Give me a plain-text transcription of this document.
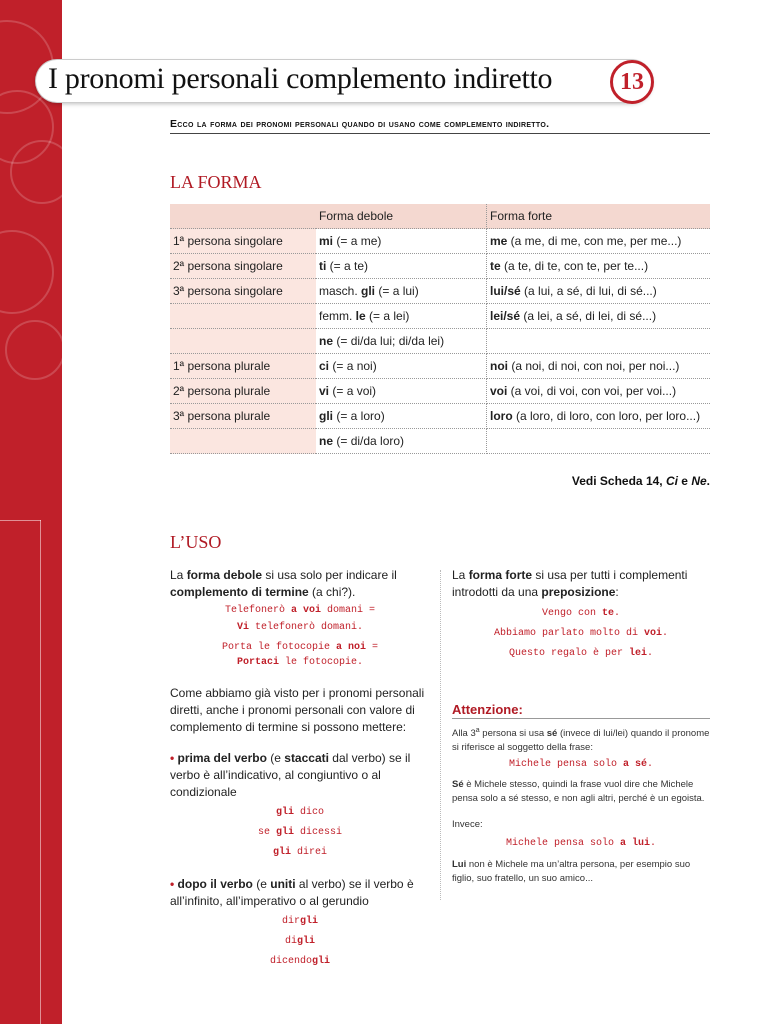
I pronomi personali complemento indiretto	13
Ecco la forma dei pronomi personali quando di usano come complemento indiretto.
LA FORMA
	Forma debole	Forma forte
1ª persona singolare	mi (= a me)	me (a me, di me, con me, per me...)
2ª persona singolare	ti (= a te)	te (a te, di te, con te, per te...)
3ª persona singolare	masch. gli (= a lui)	lui/sé (a lui, a sé, di lui, di sé...)
	femm. le (= a lei)	lei/sé (a lei, a sé, di lei, di sé...)
	ne (= di/da lui; di/da lei)	
1ª persona plurale	ci (= a noi)	noi (a noi, di noi, con noi, per noi...)
2ª persona plurale	vi (= a voi)	voi (a voi, di voi, con voi, per voi...)
3ª persona plurale	gli (= a loro)	loro (a loro, di loro, con loro, per loro...)
	ne (= di/da loro)	
Vedi Scheda 14, Ci e Ne.
L’USO
La forma debole si usa solo per indicare il complemento di termine (a chi?).
Telefonerò a voi domani =
Vi telefonerò domani.
Porta le fotocopie a noi =
Portaci le fotocopie.
Come abbiamo già visto per i pronomi personali diretti, anche i pronomi personali con valore di complemento di termine si possono mettere:
• prima del verbo (e staccati dal verbo) se il verbo è all’indicativo, al congiuntivo o al condizionale
gli dico
se gli dicessi
gli direi
• dopo il verbo (e uniti al verbo) se il verbo è all’infinito, all’imperativo o al gerundio
dirgli
digli
dicendogli
La forma forte si usa per tutti i complementi introdotti da una preposizione:
Vengo con te.
Abbiamo parlato molto di voi.
Questo regalo è per lei.
Attenzione:
Alla 3$^a$ persona si usa sé (invece di lui/lei) quando il pronome si riferisce al soggetto della frase:
Michele pensa solo a sé.
Sé è Michele stesso, quindi la frase vuol dire che Michele pensa solo a sé stesso, e non agli altri, perché è un egoista.
Invece:
Michele pensa solo a lui.
Lui non è Michele ma un’altra persona, per esempio suo figlio, suo fratello, un suo amico...
